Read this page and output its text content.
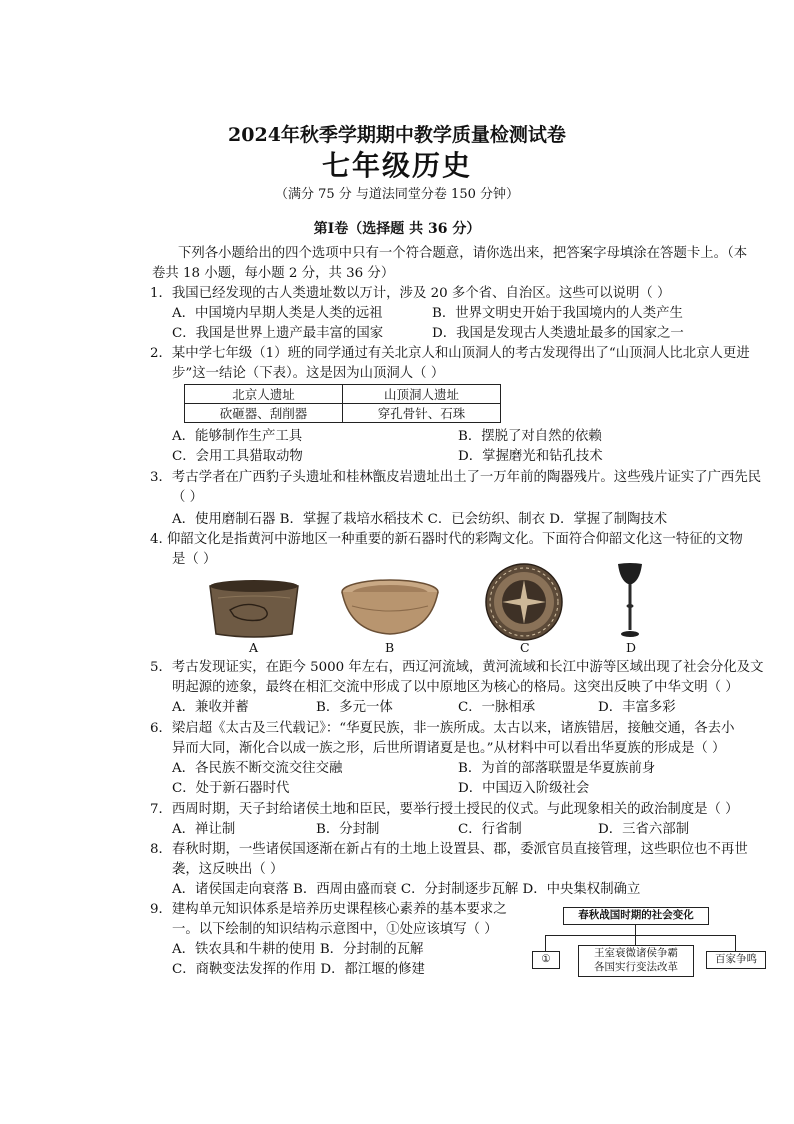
2024年秋季学期期中教学质量检测试卷
七年级历史
（满分 75 分 与道法同堂分卷 150 分钟）
第Ⅰ卷（选择题 共 36 分）
下列各小题给出的四个选项中只有一个符合题意，请你选出来，把答案字母填涂在答题卡上。（本
卷共 18 小题，每小题 2 分，共 36 分）
1．我国已经发现的古人类遗址数以万计，涉及 20 多个省、自治区。这些可以说明（ ）
A．中国境内早期人类是人类的远祖	B．世界文明史开始于我国境内的人类产生
C．我国是世界上遗产最丰富的国家	D．我国是发现古人类遗址最多的国家之一
2．某中学七年级（1）班的同学通过有关北京人和山顶洞人的考古发现得出了“山顶洞人比北京人更进
步”这一结论（下表）。这是因为山顶洞人（ ）
北京人遗址	山顶洞人遗址
砍砸器、刮削器	穿孔骨针、石珠
A．能够制作生产工具	B．摆脱了对自然的依赖
C．会用工具猎取动物	D．掌握磨光和钻孔技术
3．考古学者在广西豹子头遗址和桂林甑皮岩遗址出土了一万年前的陶器残片。这些残片证实了广西先民
（ ）
A．使用磨制石器 B．掌握了栽培水稻技术 C．已会纺织、制衣 D．掌握了制陶技术
4. 仰韶文化是指黄河中游地区一种重要的新石器时代的彩陶文化。下面符合仰韶文化这一特征的文物
是（ ）
A	B	C	D
5．考古发现证实，在距今 5000 年左右，西辽河流域，黄河流域和长江中游等区域出现了社会分化及文
明起源的迹象，最终在相汇交流中形成了以中原地区为核心的格局。这突出反映了中华文明（ ）
A．兼收并蓄	B．多元一体	C．一脉相承	D．丰富多彩
6．梁启超《太古及三代载记》：“华夏民族，非一族所成。太古以来，诸族错居，接触交通，各去小
异而大同，渐化合以成一族之形，后世所谓诸夏是也。”从材料中可以看出华夏族的形成是（ ）
A．各民族不断交流交往交融	B．为首的部落联盟是华夏族前身
C．处于新石器时代	D．中国迈入阶级社会
7．西周时期，天子封给诸侯土地和臣民，要举行授土授民的仪式。与此现象相关的政治制度是（ ）
A．禅让制	B．分封制	C．行省制	D．三省六部制
8．春秋时期，一些诸侯国逐渐在新占有的土地上设置县、郡，委派官员直接管理，这些职位也不再世
袭，这反映出（ ）
A．诸侯国走向衰落 B．西周由盛而衰 C．分封制逐步瓦解 D．中央集权制确立
9．建构单元知识体系是培养历史课程核心素养的基本要求之
一。以下绘制的知识结构示意图中，①处应该填写（ ）
A．铁农具和牛耕的使用 B．分封制的瓦解
C．商鞅变法发挥的作用 D．都江堰的修建
春秋战国时期的社会变化
①	王室衰微诸侯争霸
各国实行变法改革
百家争鸣
